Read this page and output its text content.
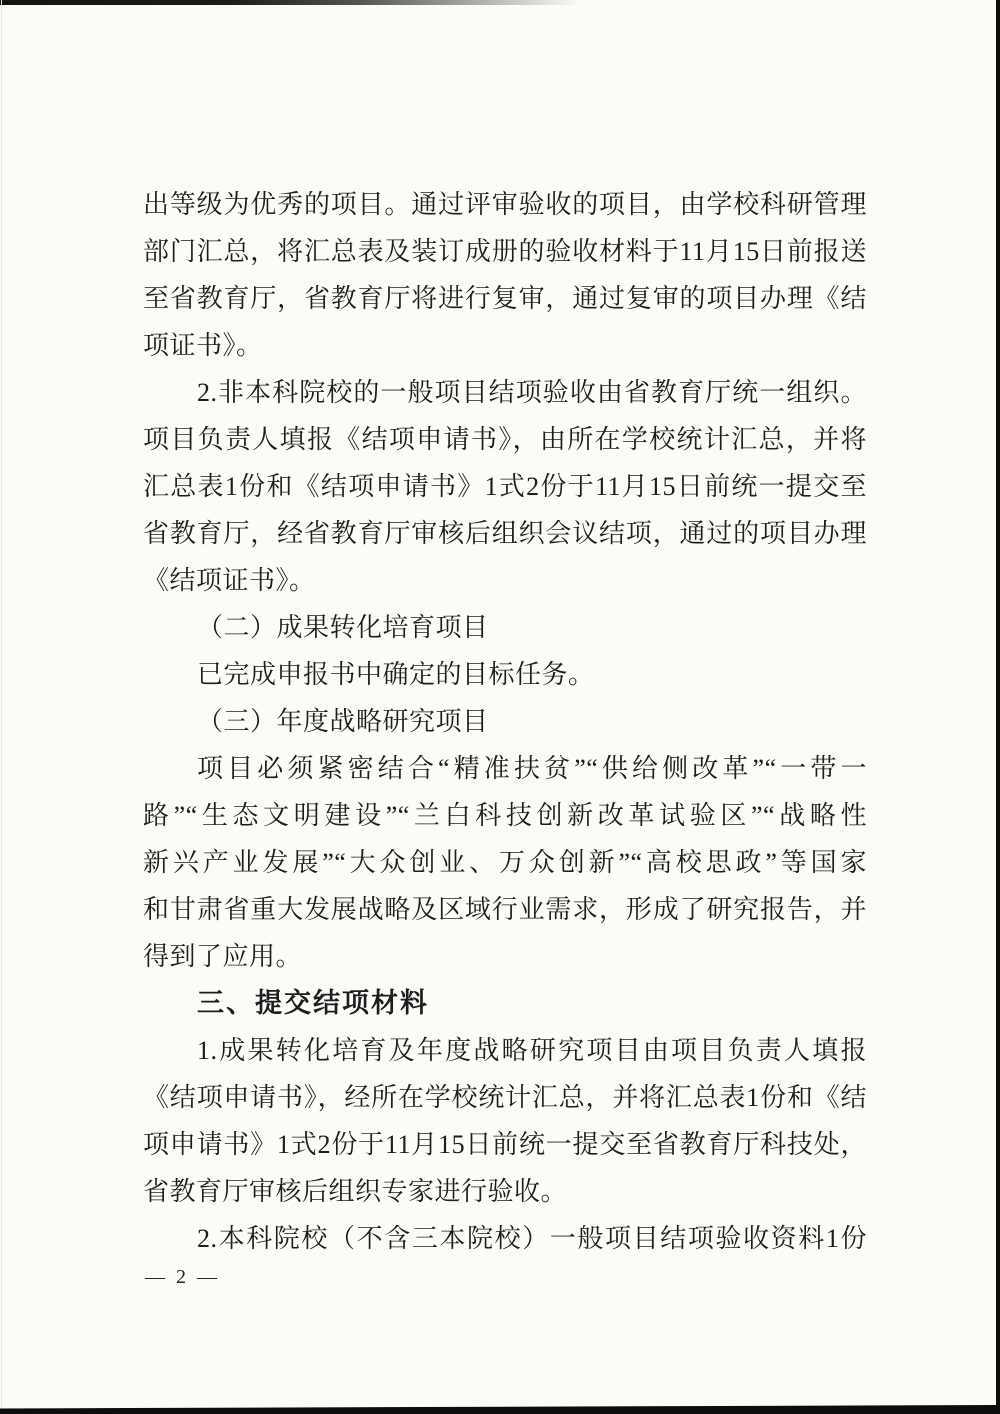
出等级为优秀的项目。通过评审验收的项目，由学校科研管理
部门汇总，将汇总表及装订成册的验收材料于11月15日前报送
至省教育厅，省教育厅将进行复审，通过复审的项目办理《结
项证书》。
2.非本科院校的一般项目结项验收由省教育厅统一组织。
项目负责人填报《结项申请书》，由所在学校统计汇总，并将
汇总表1份和《结项申请书》1式2份于11月15日前统一提交至
省教育厅，经省教育厅审核后组织会议结项，通过的项目办理
《结项证书》。
（二）成果转化培育项目
已完成申报书中确定的目标任务。
（三）年度战略研究项目
项目必须紧密结合“精准扶贫”“供给侧改革”“一带一
路”“生态文明建设”“兰白科技创新改革试验区”“战略性
新兴产业发展”“大众创业、万众创新”“高校思政”等国家
和甘肃省重大发展战略及区域行业需求，形成了研究报告，并
得到了应用。
三、提交结项材料
1.成果转化培育及年度战略研究项目由项目负责人填报
《结项申请书》，经所在学校统计汇总，并将汇总表1份和《结
项申请书》1式2份于11月15日前统一提交至省教育厅科技处，
省教育厅审核后组织专家进行验收。
2.本科院校（不含三本院校）一般项目结项验收资料1份
— 2 —
